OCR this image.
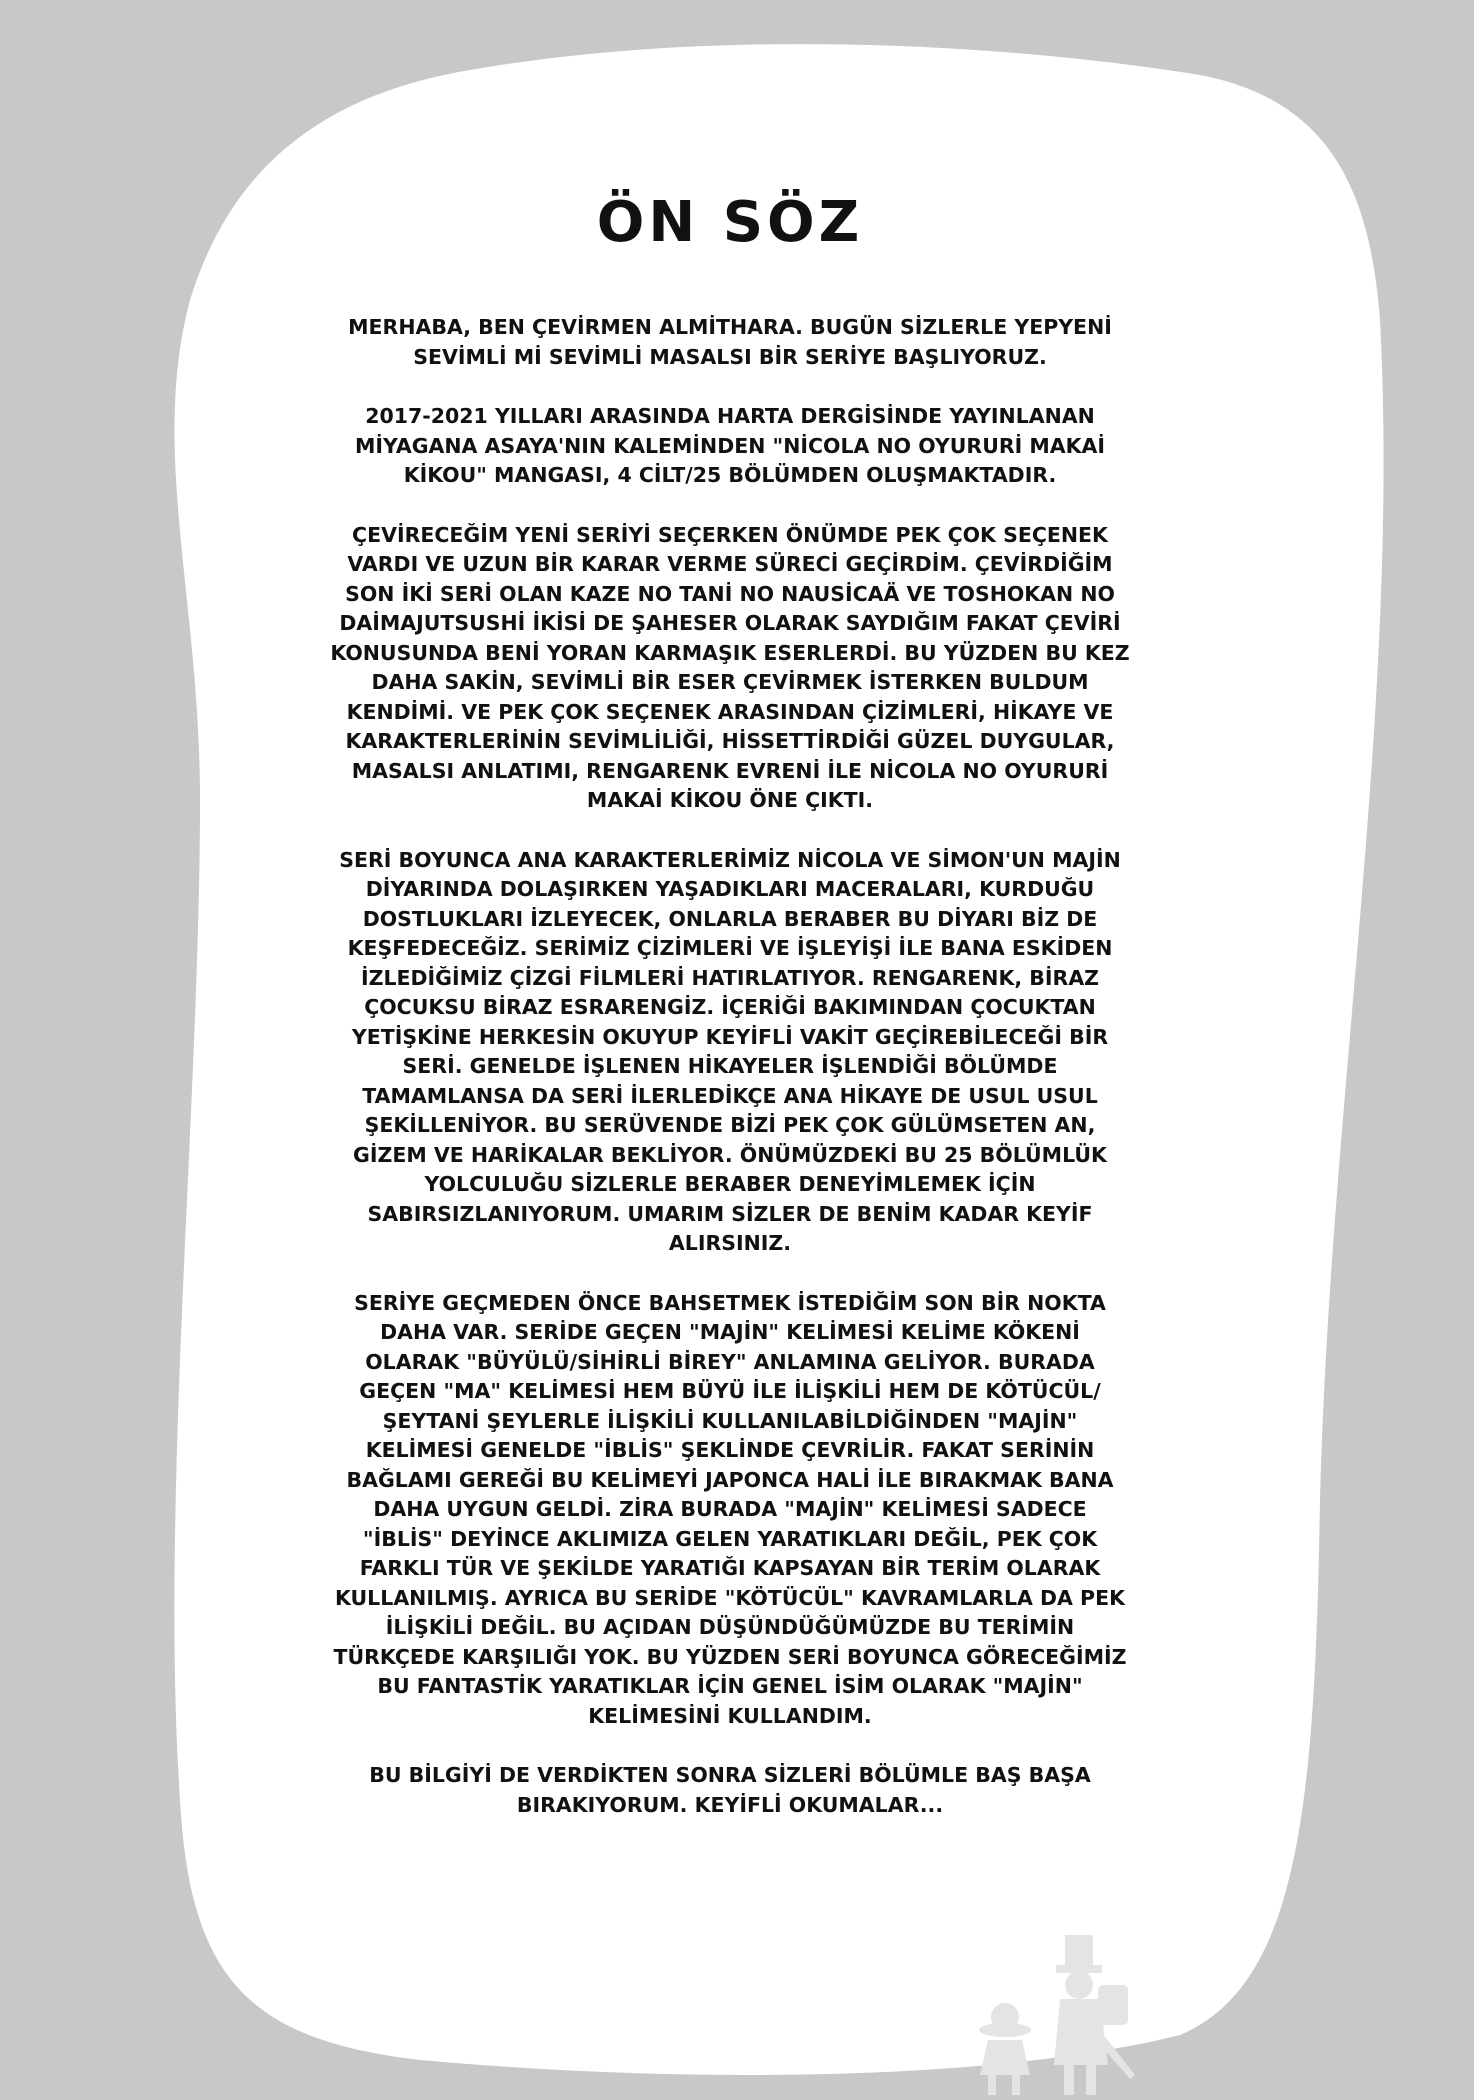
ÖN SÖZ

MERHABA, BEN ÇEVİRMEN ALMİTHARA. BUGÜN SİZLERLE YEPYENİ SEVİMLİ Mİ SEVİMLİ MASALSI BİR SERİYE BAŞLIYORUZ.

2017-2021 YILLARI ARASINDA HARTA DERGİSİNDE YAYINLANAN MİYAGANA ASAYA'NIN KALEMİNDEN "NİCOLA NO OYURURİ MAKAİ KİKOU" MANGASI, 4 CİLT/25 BÖLÜMDEN OLUŞMAKTADIR.

ÇEVİRECEĞİM YENİ SERİYİ SEÇERKEN ÖNÜMDE PEK ÇOK SEÇENEK VARDI VE UZUN BİR KARAR VERME SÜRECİ GEÇİRDİM. ÇEVİRDİĞİM SON İKİ SERİ OLAN KAZE NO TANİ NO NAUSİCAÄ VE TOSHOKAN NO DAİMAJUTSUSHİ İKİSİ DE ŞAHESER OLARAK SAYDIĞIM FAKAT ÇEVİRİ KONUSUNDA BENİ YORAN KARMAŞIK ESERLERDİ. BU YÜZDEN BU KEZ DAHA SAKİN, SEVİMLİ BİR ESER ÇEVİRMEK İSTERKEN BULDUM KENDİMİ. VE PEK ÇOK SEÇENEK ARASINDAN ÇİZİMLERİ, HİKAYE VE KARAKTERLERİNİN SEVİMLİLİĞİ, HİSSETTİRDİĞİ GÜZEL DUYGULAR, MASALSI ANLATIMI, RENGARENK EVRENİ İLE NİCOLA NO OYURURİ MAKAİ KİKOU ÖNE ÇIKTI.

SERİ BOYUNCA ANA KARAKTERLERİMİZ NİCOLA VE SİMON'UN MAJİN DİYARINDA DOLAŞIRKEN YAŞADIKLARI MACERALARI, KURDUĞU DOSTLUKLARI İZLEYECEK, ONLARLA BERABER BU DİYARI BİZ DE KEŞFEDECEĞİZ. SERİMİZ ÇİZİMLERİ VE İŞLEYİŞİ İLE BANA ESKİDEN İZLEDİĞİMİZ ÇİZGİ FİLMLERİ HATIRLATIYOR. RENGARENK, BİRAZ ÇOCUKSU BİRAZ ESRARENGİZ. İÇERİĞİ BAKIMINDAN ÇOCUKTAN YETİŞKİNE HERKESİN OKUYUP KEYİFLİ VAKİT GEÇİREBİLECEĞİ BİR SERİ. GENELDE İŞLENEN HİKAYELER İŞLENDİĞİ BÖLÜMDE TAMAMLANSA DA SERİ İLERLEDİKÇE ANA HİKAYE DE USUL USUL ŞEKİLLENİYOR. BU SERÜVENDE BİZİ PEK ÇOK GÜLÜMSETEN AN, GİZEM VE HARİKALAR BEKLİYOR. ÖNÜMÜZDEKİ BU 25 BÖLÜMLÜK YOLCULUĞU SİZLERLE BERABER DENEYİMLEMEK İÇİN SABIRSIZLANIYORUM. UMARIM SİZLER DE BENİM KADAR KEYİF ALIRSINIZ.

SERİYE GEÇMEDEN ÖNCE BAHSETMEK İSTEDİĞİM SON BİR NOKTA DAHA VAR. SERİDE GEÇEN "MAJİN" KELİMESİ KELİME KÖKENİ OLARAK "BÜYÜLÜ/SİHİRLİ BİREY" ANLAMINA GELİYOR. BURADA GEÇEN "MA" KELİMESİ HEM BÜYÜ İLE İLİŞKİLİ HEM DE KÖTÜCÜL/ŞEYTANİ ŞEYLERLE İLİŞKİLİ KULLANILABİLDİĞİNDEN "MAJİN" KELİMESİ GENELDE "İBLİS" ŞEKLİNDE ÇEVRİLİR. FAKAT SERİNİN BAĞLAMI GEREĞİ BU KELİMEYİ JAPONCA HALİ İLE BIRAKMAK BANA DAHA UYGUN GELDİ. ZİRA BURADA "MAJİN" KELİMESİ SADECE "İBLİS" DEYİNCE AKLIMIZA GELEN YARATIKLARI DEĞİL, PEK ÇOK FARKLI TÜR VE ŞEKİLDE YARATIĞI KAPSAYAN BİR TERİM OLARAK KULLANILMIŞ. AYRICA BU SERİDE "KÖTÜCÜL" KAVRAMLARLA DA PEK İLİŞKİLİ DEĞİL. BU AÇIDAN DÜŞÜNDÜĞÜMÜZDE BU TERİMİN TÜRKÇEDE KARŞILIĞI YOK. BU YÜZDEN SERİ BOYUNCA GÖRECEĞİMİZ BU FANTASTİK YARATIKLAR İÇİN GENEL İSİM OLARAK "MAJİN" KELİMESİNİ KULLANDIM.

BU BİLGİYİ DE VERDİKTEN SONRA SİZLERİ BÖLÜMLE BAŞ BAŞA BIRAKIYORUM. KEYİFLİ OKUMALAR...
